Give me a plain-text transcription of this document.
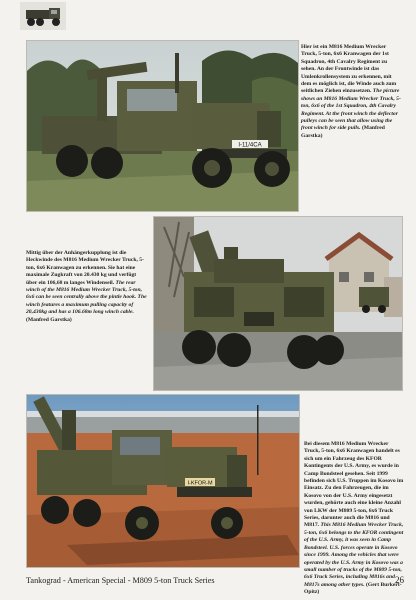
I-11/4CA

Hier ist ein M816 Medium Wrecker Truck, 5-ton, 6x6 Kranwagen der 1st Squadron, 4th Cavalry Regiment zu sehen. An der Frontwinde ist das Umlenkrollensystem zu erkennen, mit dem es möglich ist, die Winde auch zum seitlichen Ziehen einzusetzen. The picture shows an M816 Medium Wrecker Truck, 5-ton, 6x6 of the 1st Squadron, 4th Cavalry Regiment. At the front winch the deflector pulleys can be seen that allow using the front winch for side pulls. (Manfred Garstka)

Mittig über der Anhängerkupplung ist die Heckwinde des M816 Medium Wrecker Truck, 5-ton, 6x6 Kranwagen zu erkennen. Sie hat eine maximale Zugkraft von 20.430 kg und verfügt über ein 106,68 m langes Windenseil. The rear winch of the M816 Medium Wrecker Truck, 5-ton, 6x6 can be seen centrally above the pintle hook. The winch features a maximum pulling capacity of 20,430kg and has a 106.68m long winch cable. (Manfred Garstka)

I-KFOR-M

Bei diesem M816 Medium Wrecker Truck, 5-ton, 6x6 Kranwagen handelt es sich um ein Fahrzeug des KFOR Kontingents der U.S. Army, es wurde in Camp Bondsteel gesehen. Seit 1999 befinden sich U.S. Truppen im Kosovo im Einsatz. Zu den Fahrzeugen, die im Kosovo von der U.S. Army eingesetzt wurden, gehörte auch eine kleine Anzahl von LKW der M809 5-ton, 6x6 Truck Series, darunter auch die M816 und M817. This M816 Medium Wrecker Truck, 5-ton, 6x6 belongs to the KFOR contingent of the U.S. Army, it was seen in Camp Bondsteel. U.S. forces operate in Kosovo since 1999. Among the vehicles that were operated by the U.S. Army in Kosovo was a small number of trucks of the M809 5-ton, 6x6 Truck Series, including M816s and M817s among other types. (Gert Burkert-Opitz)

Tankograd - American Special - M809 5-ton Truck Series	26
